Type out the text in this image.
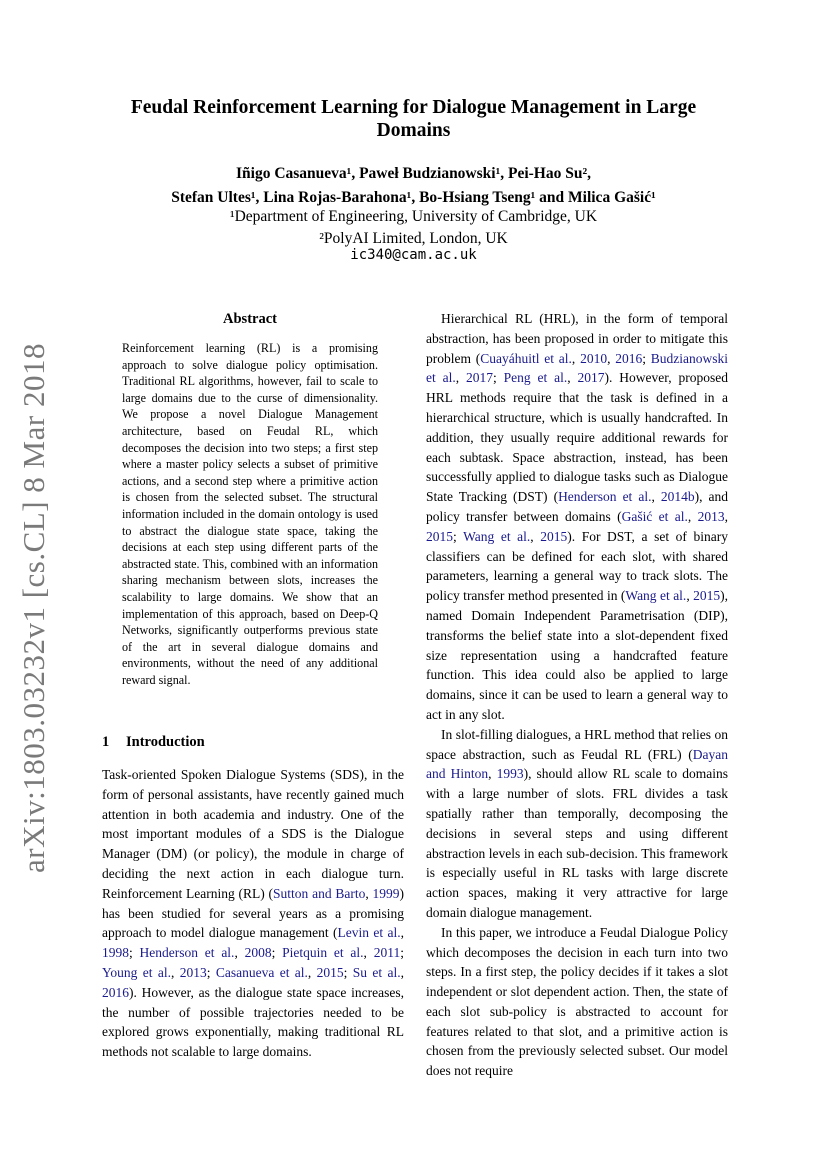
arXiv:1803.03232v1 [cs.CL] 8 Mar 2018
Feudal Reinforcement Learning for Dialogue Management in Large Domains
Iñigo Casanueva¹, Paweł Budzianowski¹, Pei-Hao Su²,
Stefan Ultes¹, Lina Rojas-Barahona¹, Bo-Hsiang Tseng¹ and Milica Gašić¹
¹Department of Engineering, University of Cambridge, UK
²PolyAI Limited, London, UK
ic340@cam.ac.uk
Abstract

Reinforcement learning (RL) is a promising approach to solve dialogue policy optimisation. Traditional RL algorithms, however, fail to scale to large domains due to the curse of dimensionality. We propose a novel Dialogue Management architecture, based on Feudal RL, which decomposes the decision into two steps; a first step where a master policy selects a subset of primitive actions, and a second step where a primitive action is chosen from the selected subset. The structural information included in the domain ontology is used to abstract the dialogue state space, taking the decisions at each step using different parts of the abstracted state. This, combined with an information sharing mechanism between slots, increases the scalability to large domains. We show that an implementation of this approach, based on Deep-Q Networks, significantly outperforms previous state of the art in several dialogue domains and environments, without the need of any additional reward signal.

1 Introduction

Task-oriented Spoken Dialogue Systems (SDS), in the form of personal assistants, have recently gained much attention in both academia and industry. One of the most important modules of a SDS is the Dialogue Manager (DM) (or policy), the module in charge of deciding the next action in each dialogue turn. Reinforcement Learning (RL) (Sutton and Barto, 1999) has been studied for several years as a promising approach to model dialogue management (Levin et al., 1998; Henderson et al., 2008; Pietquin et al., 2011; Young et al., 2013; Casanueva et al., 2015; Su et al., 2016). However, as the dialogue state space increases, the number of possible trajectories needed to be explored grows exponentially, making traditional RL methods not scalable to large domains.

Hierarchical RL (HRL), in the form of temporal abstraction, has been proposed in order to mitigate this problem (Cuayáhuitl et al., 2010, 2016; Budzianowski et al., 2017; Peng et al., 2017). However, proposed HRL methods require that the task is defined in a hierarchical structure, which is usually handcrafted. In addition, they usually require additional rewards for each subtask. Space abstraction, instead, has been successfully applied to dialogue tasks such as Dialogue State Tracking (DST) (Henderson et al., 2014b), and policy transfer between domains (Gašić et al., 2013, 2015; Wang et al., 2015). For DST, a set of binary classifiers can be defined for each slot, with shared parameters, learning a general way to track slots. The policy transfer method presented in (Wang et al., 2015), named Domain Independent Parametrisation (DIP), transforms the belief state into a slot-dependent fixed size representation using a handcrafted feature function. This idea could also be applied to large domains, since it can be used to learn a general way to act in any slot.

In slot-filling dialogues, a HRL method that relies on space abstraction, such as Feudal RL (FRL) (Dayan and Hinton, 1993), should allow RL scale to domains with a large number of slots. FRL divides a task spatially rather than temporally, decomposing the decisions in several steps and using different abstraction levels in each sub-decision. This framework is especially useful in RL tasks with large discrete action spaces, making it very attractive for large domain dialogue management.

In this paper, we introduce a Feudal Dialogue Policy which decomposes the decision in each turn into two steps. In a first step, the policy decides if it takes a slot independent or slot dependent action. Then, the state of each slot sub-policy is abstracted to account for features related to that slot, and a primitive action is chosen from the previously selected subset. Our model does not require
